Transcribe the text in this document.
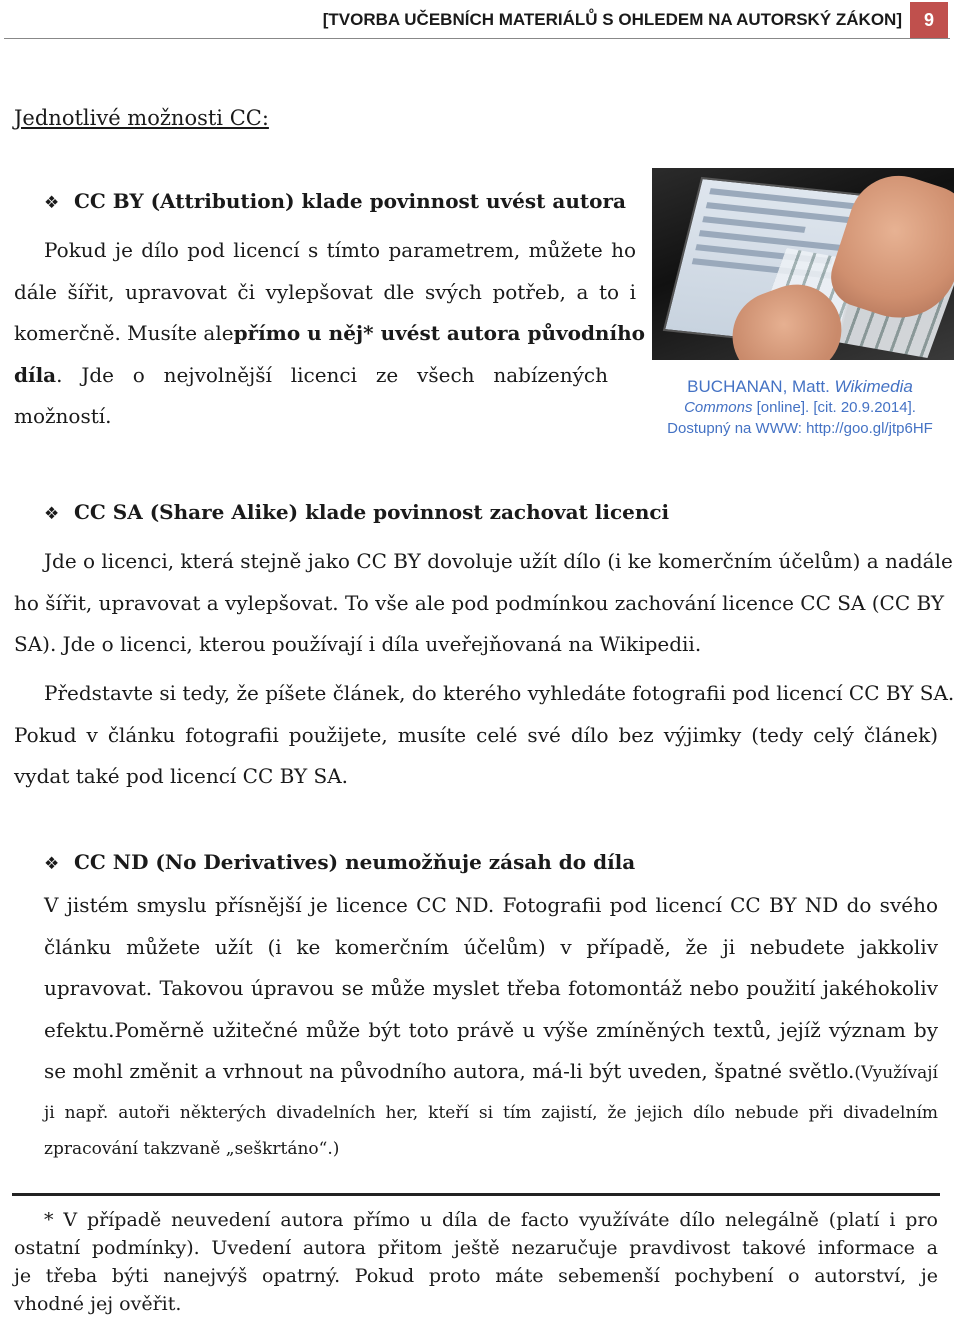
[TVORBA UČEBNÍCH MATERIÁLŮ S OHLEDEM NA AUTORSKÝ ZÁKON]	9
Jednotlivé možnosti CC:
❖ CC BY (Attribution) klade povinnost uvést autora
Pokud je dílo pod licencí s tímto parametrem, můžete ho
dále šířit, upravovat či vylepšovat dle svých potřeb, a to i
komerčně. Musíte alepřímo u něj* uvést autora původního
díla. Jde o nejvolnější licenci ze všech nabízených
možností.
BUCHANAN, Matt. Wikimedia
Commons [online]. [cit. 20.9.2014].
Dostupný na WWW: http://goo.gl/jtp6HF
❖ CC SA (Share Alike) klade povinnost zachovat licenci
Jde o licenci, která stejně jako CC BY dovoluje užít dílo (i ke komerčním účelům) a nadále
ho šířit, upravovat a vylepšovat. To vše ale pod podmínkou zachování licence CC SA (CC BY
SA). Jde o licenci, kterou používají i díla uveřejňovaná na Wikipedii.
Představte si tedy, že píšete článek, do kterého vyhledáte fotografii pod licencí CC BY SA.
Pokud v článku fotografii použijete, musíte celé své dílo bez výjimky (tedy celý článek)
vydat také pod licencí CC BY SA.
❖ CC ND (No Derivatives) neumožňuje zásah do díla
V jistém smyslu přísnější je licence CC ND. Fotografii pod licencí CC BY ND do svého
článku můžete užít (i ke komerčním účelům) v případě, že ji nebudete jakkoliv
upravovat. Takovou úpravou se může myslet třeba fotomontáž nebo použití jakéhokoliv
efektu.Poměrně užitečné může být toto právě u výše zmíněných textů, jejíž význam by
se mohl změnit a vrhnout na původního autora, má-li být uveden, špatné světlo.(Využívají
ji např. autoři některých divadelních her, kteří si tím zajistí, že jejich dílo nebude při divadelním
zpracování takzvaně „seškrtáno“.)
* V případě neuvedení autora přímo u díla de facto využíváte dílo nelegálně (platí i pro
ostatní podmínky). Uvedení autora přitom ještě nezaručuje pravdivost takové informace a
je třeba býti nanejvýš opatrný. Pokud proto máte sebemenší pochybení o autorství, je
vhodné jej ověřit.
